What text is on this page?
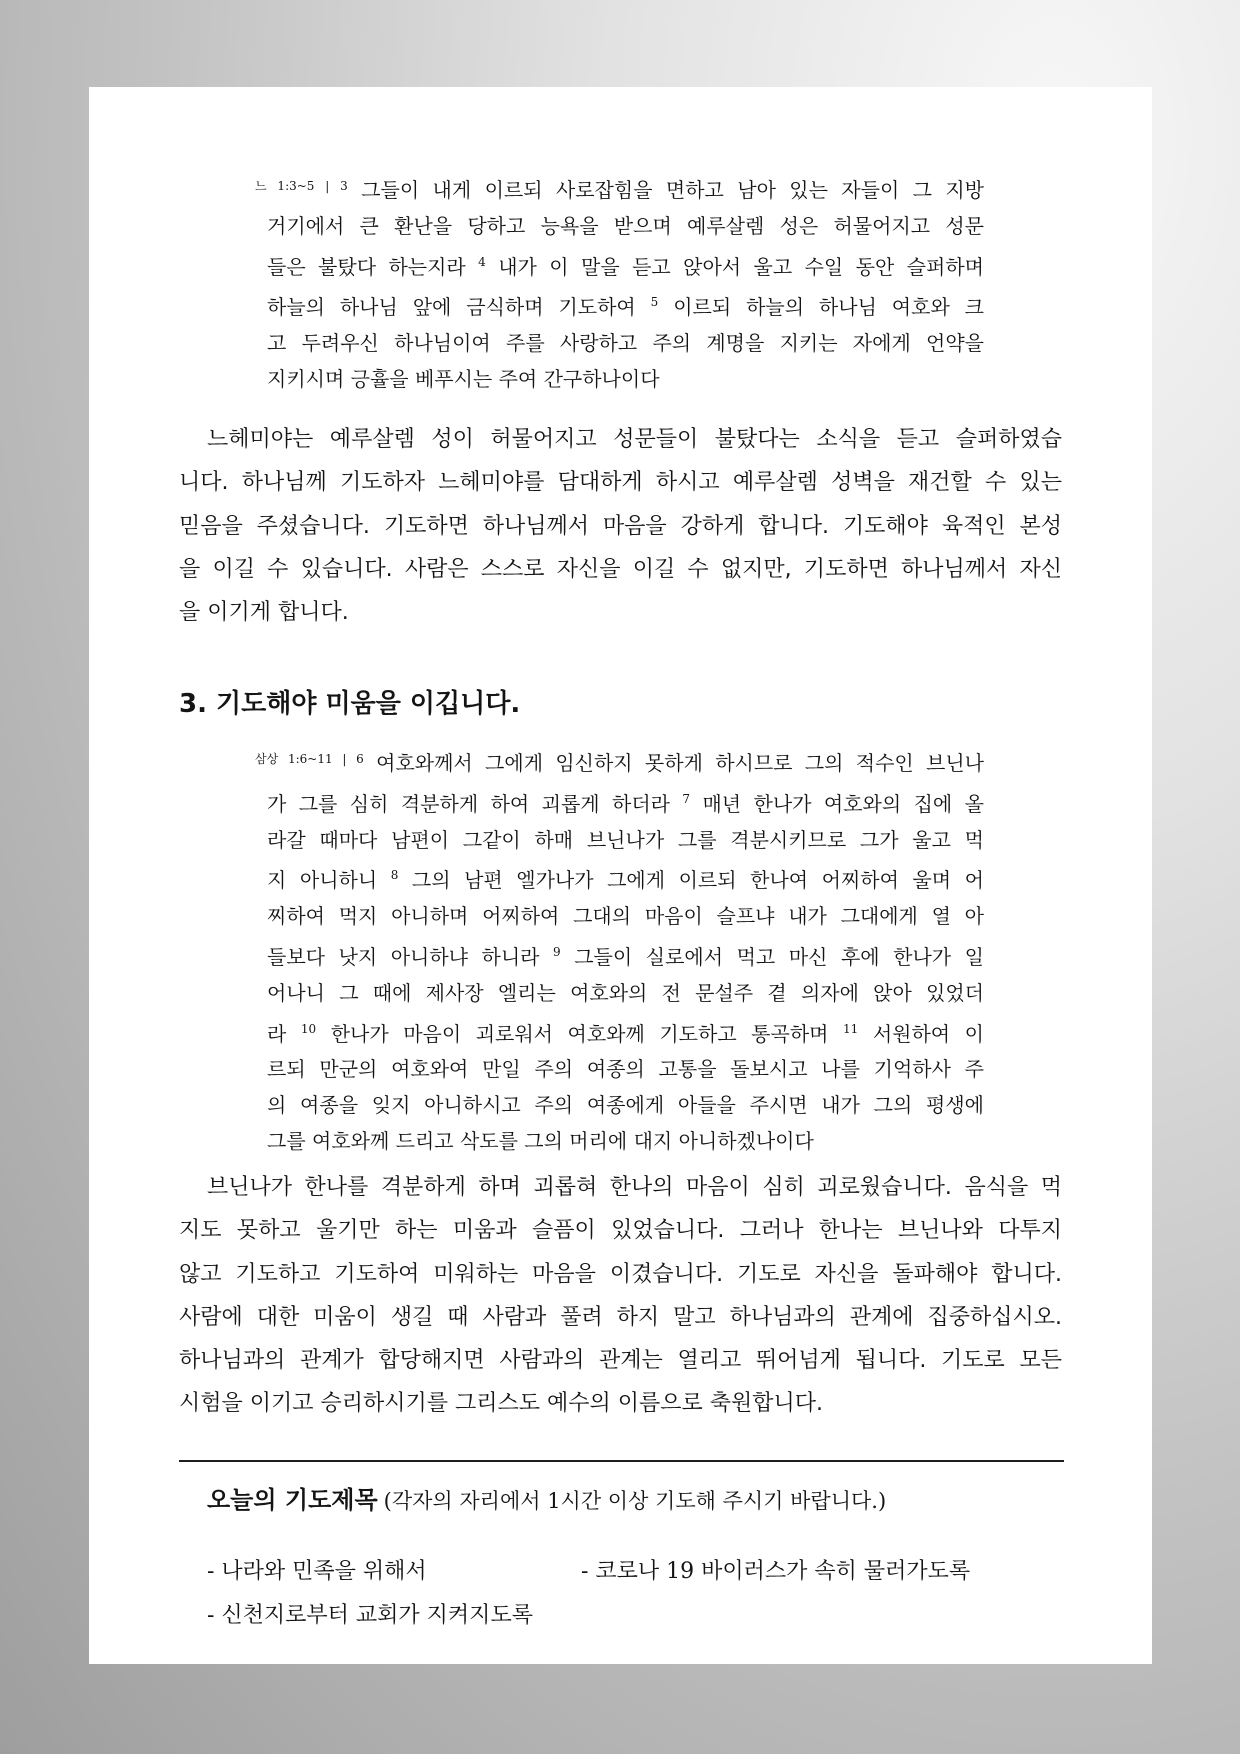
$^{느 1:3\sim 5 | 3}$ 그들이 내게 이르되 사로잡힘을 면하고 남아 있는 자들이 그 지방
거기에서 큰 환난을 당하고 능욕을 받으며 예루살렘 성은 허물어지고 성문
들은 불탔다 하는지라 $^4$ 내가 이 말을 듣고 앉아서 울고 수일 동안 슬퍼하며
하늘의 하나님 앞에 금식하며 기도하여 $^5$ 이르되 하늘의 하나님 여호와 크
고 두려우신 하나님이여 주를 사랑하고 주의 계명을 지키는 자에게 언약을
지키시며 긍휼을 베푸시는 주여 간구하나이다
느헤미야는 예루살렘 성이 허물어지고 성문들이 불탔다는 소식을 듣고 슬퍼하였습
니다. 하나님께 기도하자 느헤미야를 담대하게 하시고 예루살렘 성벽을 재건할 수 있는
믿음을 주셨습니다. 기도하면 하나님께서 마음을 강하게 합니다. 기도해야 육적인 본성
을 이길 수 있습니다. 사람은 스스로 자신을 이길 수 없지만, 기도하면 하나님께서 자신
을 이기게 합니다.
3. 기도해야 미움을 이깁니다.
$^{삼상 1:6\sim 11 | 6}$ 여호와께서 그에게 임신하지 못하게 하시므로 그의 적수인 브닌나
가 그를 심히 격분하게 하여 괴롭게 하더라 $^7$ 매년 한나가 여호와의 집에 올
라갈 때마다 남편이 그같이 하매 브닌나가 그를 격분시키므로 그가 울고 먹
지 아니하니 $^8$ 그의 남편 엘가나가 그에게 이르되 한나여 어찌하여 울며 어
찌하여 먹지 아니하며 어찌하여 그대의 마음이 슬프냐 내가 그대에게 열 아
들보다 낫지 아니하냐 하니라 $^9$ 그들이 실로에서 먹고 마신 후에 한나가 일
어나니 그 때에 제사장 엘리는 여호와의 전 문설주 곁 의자에 앉아 있었더
라 $^{10}$ 한나가 마음이 괴로워서 여호와께 기도하고 통곡하며 $^{11}$ 서원하여 이
르되 만군의 여호와여 만일 주의 여종의 고통을 돌보시고 나를 기억하사 주
의 여종을 잊지 아니하시고 주의 여종에게 아들을 주시면 내가 그의 평생에
그를 여호와께 드리고 삭도를 그의 머리에 대지 아니하겠나이다
브닌나가 한나를 격분하게 하며 괴롭혀 한나의 마음이 심히 괴로웠습니다. 음식을 먹
지도 못하고 울기만 하는 미움과 슬픔이 있었습니다. 그러나 한나는 브닌나와 다투지
않고 기도하고 기도하여 미워하는 마음을 이겼습니다. 기도로 자신을 돌파해야 합니다.
사람에 대한 미움이 생길 때 사람과 풀려 하지 말고 하나님과의 관계에 집중하십시오.
하나님과의 관계가 합당해지면 사람과의 관계는 열리고 뛰어넘게 됩니다. 기도로 모든
시험을 이기고 승리하시기를 그리스도 예수의 이름으로 축원합니다.
오늘의 기도제목 (각자의 자리에서 1시간 이상 기도해 주시기 바랍니다.)
- 나라와 민족을 위해서	- 코로나 19 바이러스가 속히 물러가도록
- 신천지로부터 교회가 지켜지도록
